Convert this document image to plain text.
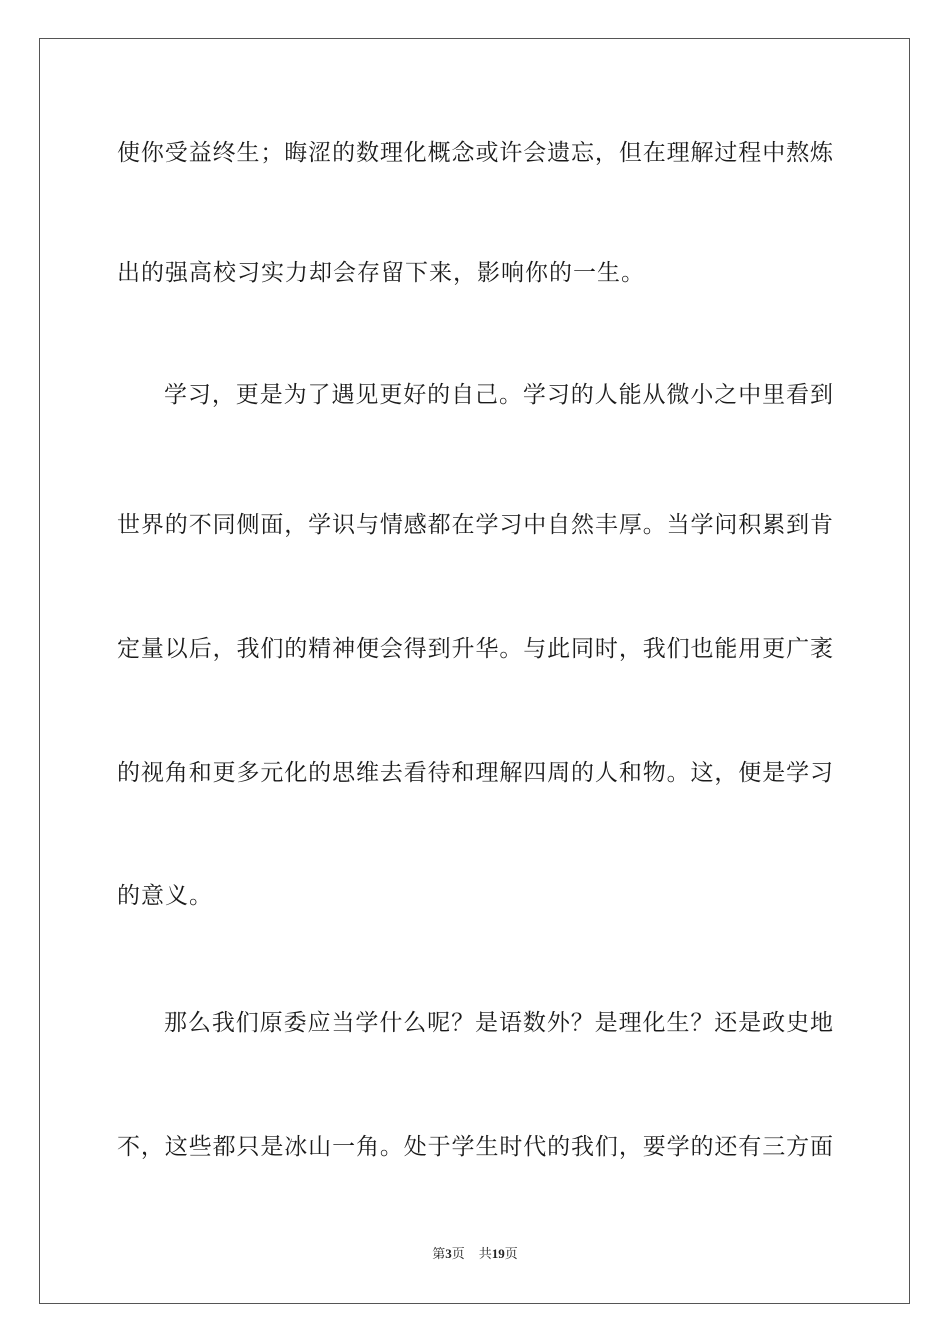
使你受益终生；晦涩的数理化概念或许会遗忘，但在理解过程中熬炼
出的强高校习实力却会存留下来，影响你的一生。
学习，更是为了遇见更好的自己。学习的人能从微小之中里看到
世界的不同侧面，学识与情感都在学习中自然丰厚。当学问积累到肯
定量以后，我们的精神便会得到升华。与此同时，我们也能用更广袤
的视角和更多元化的思维去看待和理解四周的人和物。这，便是学习
的意义。
那么我们原委应当学什么呢？是语数外？是理化生？还是政史地
不，这些都只是冰山一角。处于学生时代的我们，要学的还有三方面
第3页 共19页
